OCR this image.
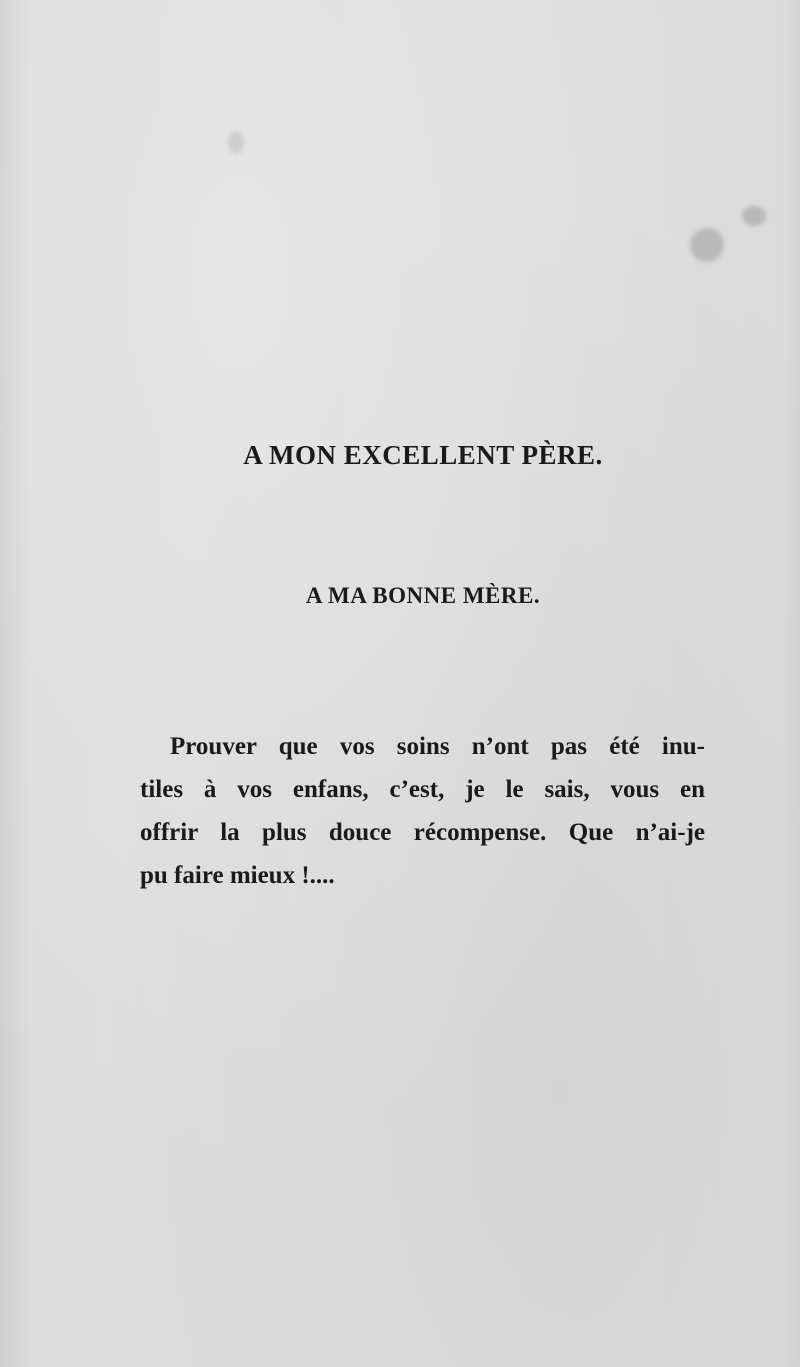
A MON EXCELLENT PÈRE.
A MA BONNE MÈRE.
Prouver que vos soins n’ont pas été inu-
tiles à vos enfans, c’est, je le sais, vous en
offrir la plus douce récompense. Que n’ai-je
pu faire mieux !....
